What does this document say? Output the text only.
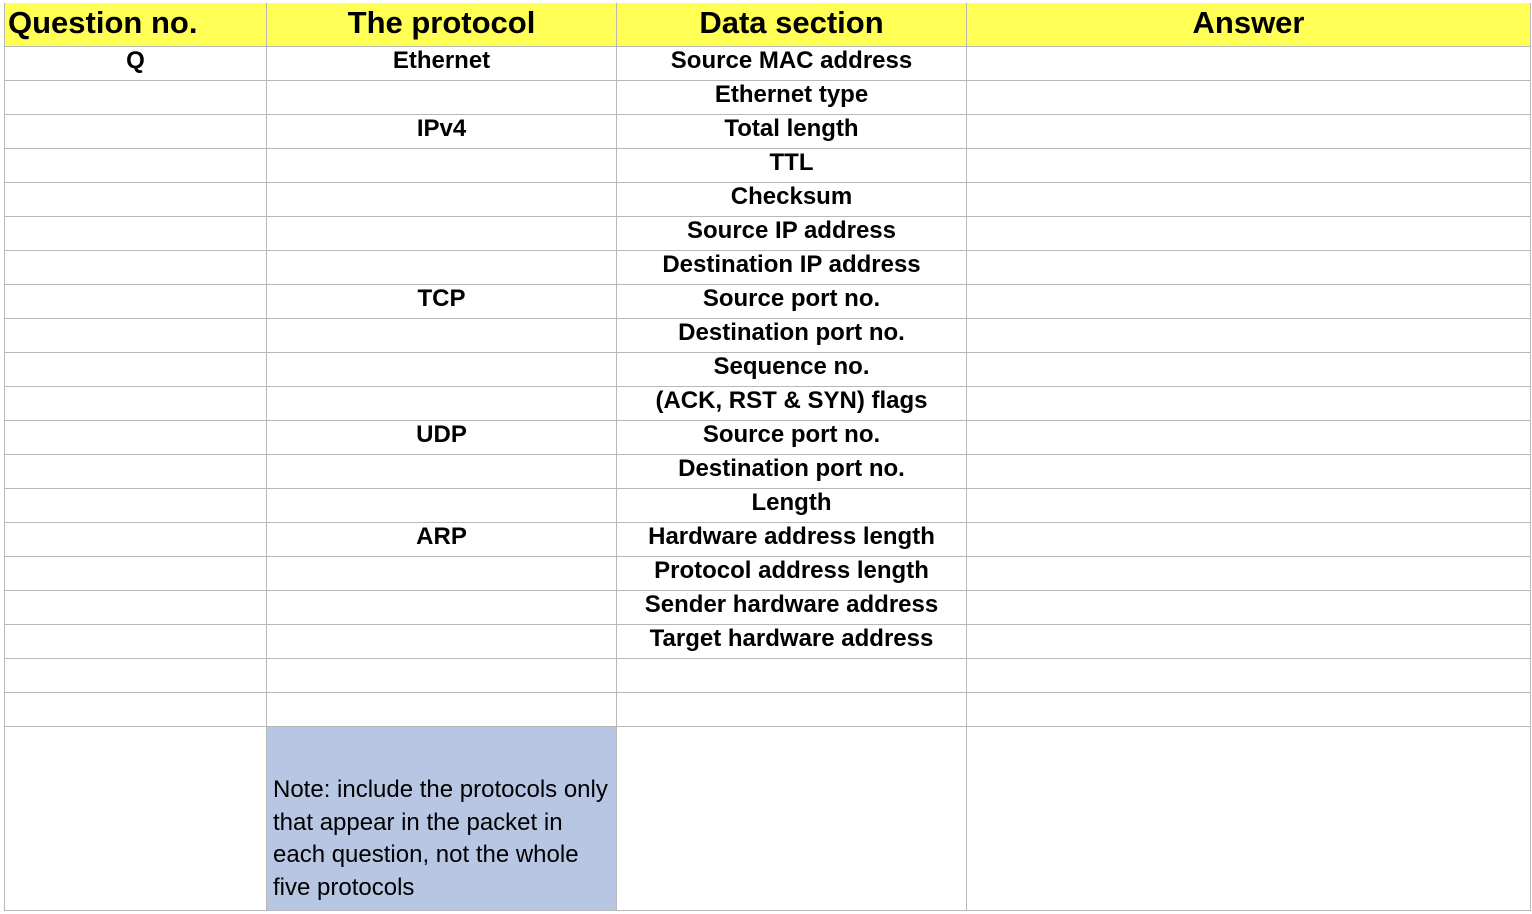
Question no.	The protocol	Data section	Answer
Q	Ethernet	Source MAC address	
		Ethernet type	
	IPv4	Total length	
		TTL	
		Checksum	
		Source IP address	
		Destination IP address	
	TCP	Source port no.	
		Destination port no.	
		Sequence no.	
		(ACK, RST & SYN) flags	
	UDP	Source port no.	
		Destination port no.	
		Length	
	ARP	Hardware address length	
		Protocol address length	
		Sender hardware address	
		Target hardware address	

	Note: include the protocols only that appear in the packet in each question, not the whole five protocols		
